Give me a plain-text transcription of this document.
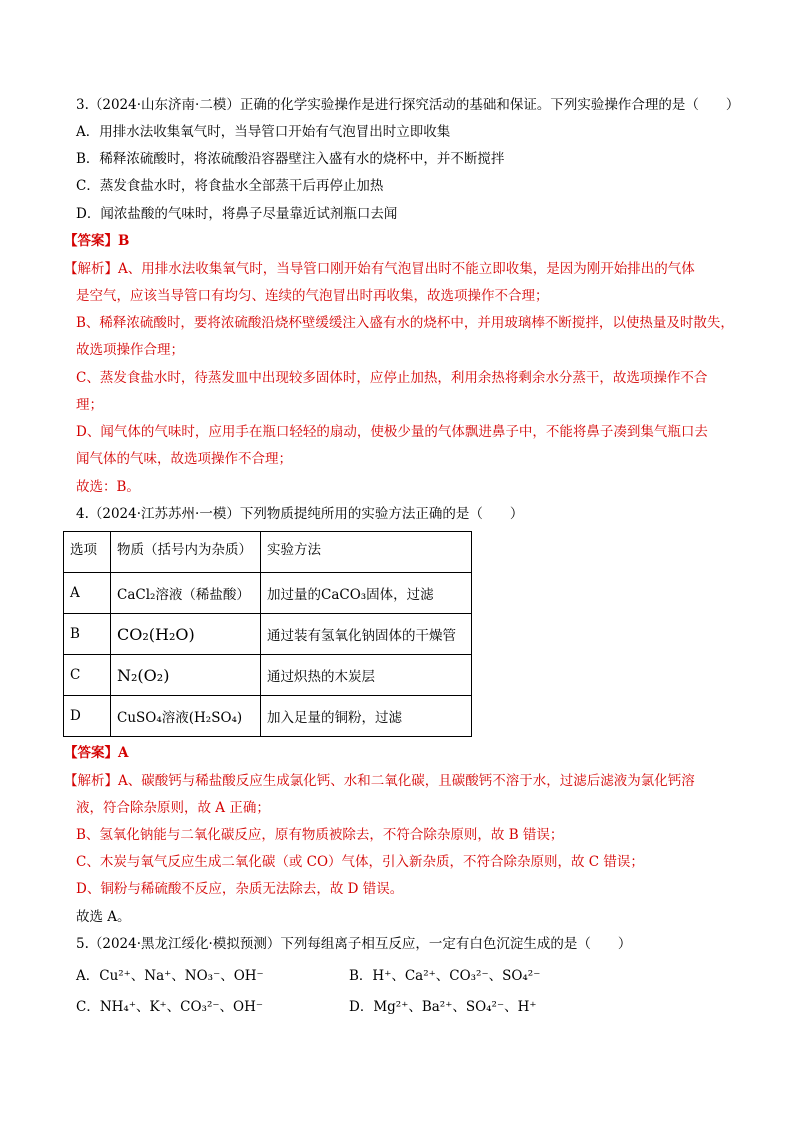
3.（2024·山东济南·二模）正确的化学实验操作是进行探究活动的基础和保证。下列实验操作合理的是（　　）
A．用排水法收集氧气时，当导管口开始有气泡冒出时立即收集
B．稀释浓硫酸时，将浓硫酸沿容器壁注入盛有水的烧杯中，并不断搅拌
C．蒸发食盐水时，将食盐水全部蒸干后再停止加热
D．闻浓盐酸的气味时，将鼻子尽量靠近试剂瓶口去闻
【答案】B
【解析】A、用排水法收集氧气时，当导管口刚开始有气泡冒出时不能立即收集，是因为刚开始排出的气体
是空气，应该当导管口有均匀、连续的气泡冒出时再收集，故选项操作不合理；
B、稀释浓硫酸时，要将浓硫酸沿烧杯壁缓缓注入盛有水的烧杯中，并用玻璃棒不断搅拌，以使热量及时散失，
故选项操作合理；
C、蒸发食盐水时，待蒸发皿中出现较多固体时，应停止加热，利用余热将剩余水分蒸干，故选项操作不合
理；
D、闻气体的气味时，应用手在瓶口轻轻的扇动，使极少量的气体飘进鼻子中，不能将鼻子凑到集气瓶口去
闻气体的气味，故选项操作不合理；
故选：B。
4.（2024·江苏苏州·一模）下列物质提纯所用的实验方法正确的是（　　）
选项	物质（括号内为杂质）	实验方法
A	CaCl₂溶液（稀盐酸）	加过量的CaCO₃固体，过滤
B	CO₂(H₂O)	通过装有氢氧化钠固体的干燥管
C	N₂(O₂)	通过炽热的木炭层
D	CuSO₄溶液(H₂SO₄)	加入足量的铜粉，过滤
【答案】A
【解析】A、碳酸钙与稀盐酸反应生成氯化钙、水和二氧化碳，且碳酸钙不溶于水，过滤后滤液为氯化钙溶
液，符合除杂原则，故 A 正确；
B、氢氧化钠能与二氧化碳反应，原有物质被除去，不符合除杂原则，故 B 错误；
C、木炭与氧气反应生成二氧化碳（或 CO）气体，引入新杂质，不符合除杂原则，故 C 错误；
D、铜粉与稀硫酸不反应，杂质无法除去，故 D 错误。
故选 A。
5.（2024·黑龙江绥化·模拟预测）下列每组离子相互反应，一定有白色沉淀生成的是（　　）
A．Cu²⁺、Na⁺、NO₃⁻、OH⁻	B．H⁺、Ca²⁺、CO₃²⁻、SO₄²⁻
C．NH₄⁺、K⁺、CO₃²⁻、OH⁻	D．Mg²⁺、Ba²⁺、SO₄²⁻、H⁺
